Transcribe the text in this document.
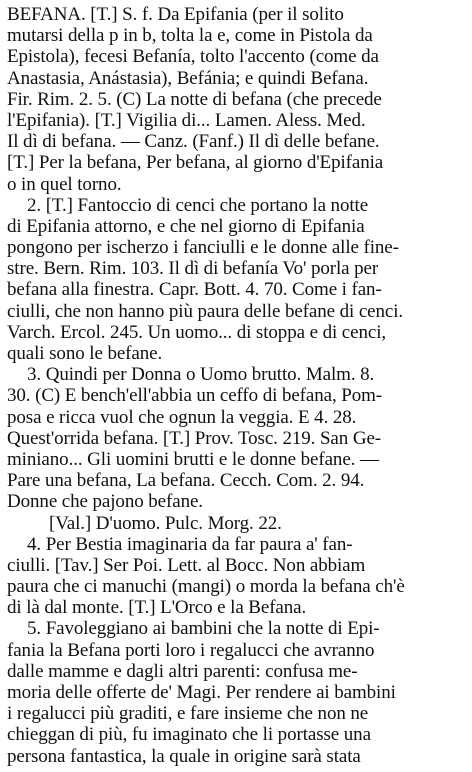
BEFANA. [T.] S. f. Da Epifania (per il solito
mutarsi della p in b, tolta la e, come in Pistola da
Epistola), fecesi Befanía, tolto l'accento (come da
Anastasia, Anástasia), Befánia; e quindi Befana.
Fir. Rim. 2. 5. (C) La notte di befana (che precede
l'Epifania). [T.] Vigilia di... Lamen. Aless. Med.
Il dì di befana. — Canz. (Fanf.) Il dì delle befane.
[T.] Per la befana, Per befana, al giorno d'Epifania
o in quel torno.
2. [T.] Fantoccio di cenci che portano la notte
di Epifania attorno, e che nel giorno di Epifania
pongono per ischerzo i fanciulli e le donne alle fine-
stre. Bern. Rim. 103. Il dì di befanía Vo' porla per
befana alla finestra. Capr. Bott. 4. 70. Come i fan-
ciulli, che non hanno più paura delle befane di cenci.
Varch. Ercol. 245. Un uomo... di stoppa e di cenci,
quali sono le befane.
3. Quindi per Donna o Uomo brutto. Malm. 8.
30. (C) E bench'ell'abbia un ceffo di befana, Pom-
posa e ricca vuol che ognun la veggia. E 4. 28.
Quest'orrida befana. [T.] Prov. Tosc. 219. San Ge-
miniano... Gli uomini brutti e le donne befane. —
Pare una befana, La befana. Cecch. Com. 2. 94.
Donne che pajono befane.
[Val.] D'uomo. Pulc. Morg. 22.
4. Per Bestia imaginaria da far paura a' fan-
ciulli. [Tav.] Ser Poi. Lett. al Bocc. Non abbiam
paura che ci manuchi (mangi) o morda la befana ch'è
di là dal monte. [T.] L'Orco e la Befana.
5. Favoleggiano ai bambini che la notte di Epi-
fania la Befana porti loro i regalucci che avranno
dalle mamme e dagli altri parenti: confusa me-
moria delle offerte de' Magi. Per rendere ai bambini
i regalucci più graditi, e fare insieme che non ne
chieggan di più, fu imaginato che li portasse una
persona fantastica, la quale in origine sarà stata
